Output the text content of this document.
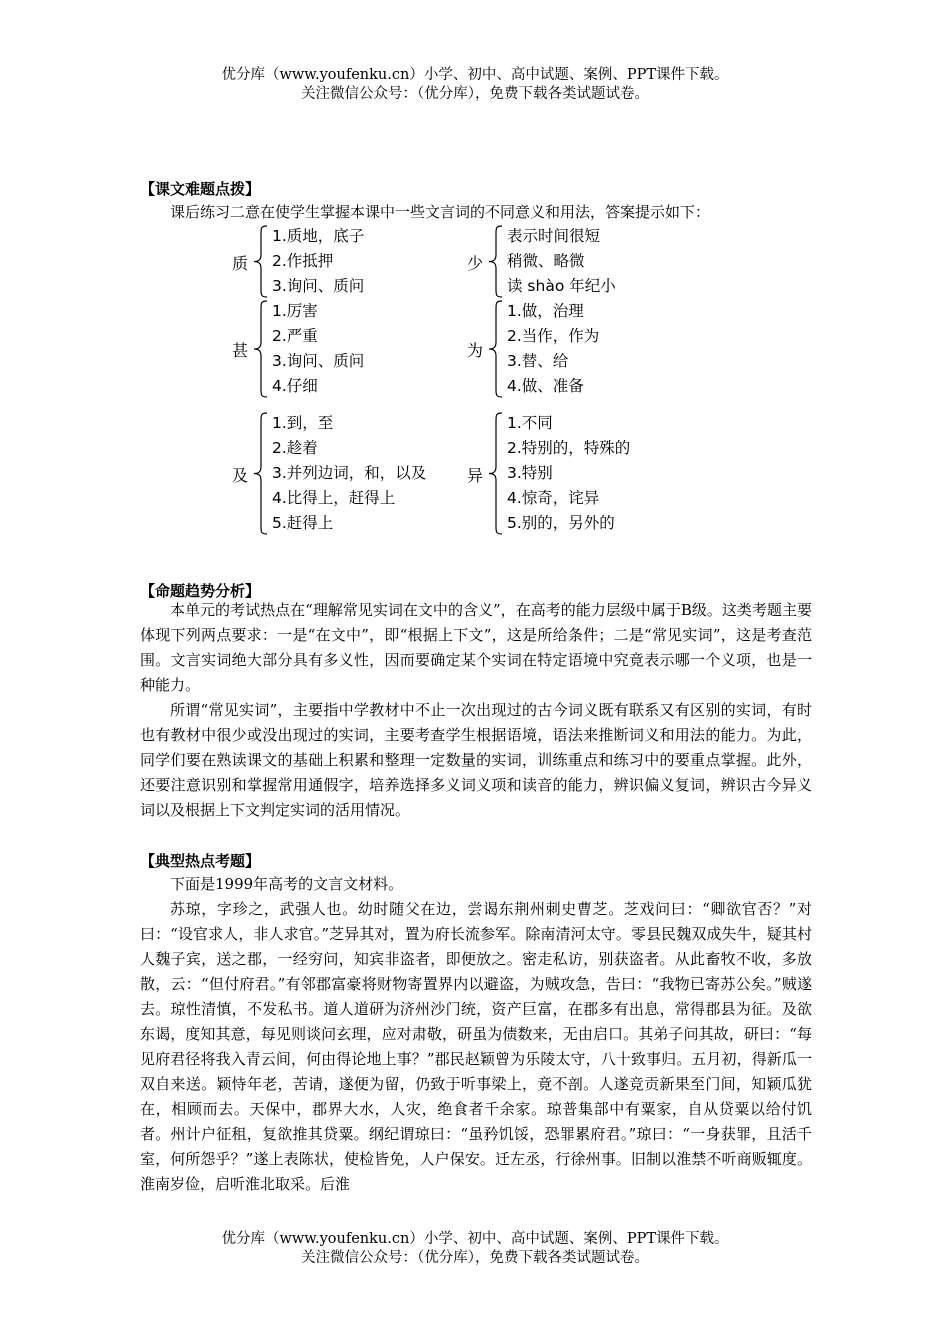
优分库（www.youfenku.cn）小学、初中、高中试题、案例、PPT课件下载。
关注微信公众号：（优分库），免费下载各类试题试卷。
【课文难题点拨】

课后练习二意在使学生掌握本课中一些文言词的不同意义和用法，答案提示如下：

质
1.质地，底子
2.作抵押
3.询问、质问
少
表示时间很短
稍微、略微
读 shào 年纪小
甚
1.厉害
2.严重
3.询问、质问
4.仔细
为
1.做，治理
2.当作，作为
3.替、给
4.做、准备
及
1.到，至
2.趁着
3.并列边词，和，以及
4.比得上，赶得上
5.赶得上
异
1.不同
2.特别的，特殊的
3.特别
4.惊奇，诧异
5.别的，另外的
【命题趋势分析】

本单元的考试热点在“理解常见实词在文中的含义”，在高考的能力层级中属于B级。这类考题主要体现下列两点要求：一是“在文中”，即“根据上下文”，这是所给条件；二是“常见实词”，这是考查范围。文言实词绝大部分具有多义性，因而要确定某个实词在特定语境中究竟表示哪一个义项，也是一种能力。

所谓“常见实词”，主要指中学教材中不止一次出现过的古今词义既有联系又有区别的实词，有时也有教材中很少或没出现过的实词，主要考查学生根据语境，语法来推断词义和用法的能力。为此，同学们要在熟读课文的基础上积累和整理一定数量的实词，训练重点和练习中的要重点掌握。此外，还要注意识别和掌握常用通假字，培养选择多义词义项和读音的能力，辨识偏义复词，辨识古今异义词以及根据上下文判定实词的活用情况。

【典型热点考题】

下面是1999年高考的文言文材料。

苏琼，字珍之，武强人也。幼时随父在边，尝谒东荆州刺史曹芝。芝戏问曰：“卿欲官否？”对曰：“设官求人，非人求官。”芝异其对，置为府长流参军。除南清河太守。零县民魏双成失牛，疑其村人魏子宾，送之郡，一经穷问，知宾非盗者，即便放之。密走私访，别获盗者。从此畜牧不收，多放散，云：“但付府君。”有邻郡富豪将财物寄置界内以避盗，为贼攻急，告曰：“我物已寄苏公矣。”贼遂去。琼性清慎，不发私书。道人道研为济州沙门统，资产巨富，在郡多有出息，常得郡县为征。及欲东谒，度知其意，每见则谈问玄理，应对肃敬，研虽为债数来，无由启口。其弟子问其故，研曰：“每见府君径将我入青云间，何由得论地上事？”郡民赵颖曾为乐陵太守，八十致事归。五月初，得新瓜一双自来送。颖恃年老，苦请，遂便为留，仍致于听事梁上，竟不剖。人遂竞贡新果至门间，知颖瓜犹在，相顾而去。天保中，郡界大水，人灾，绝食者千余家。琼普集部中有粟家，自从贷粟以给付饥者。州计户征租，复欲推其贷粟。纲纪谓琼曰：“虽矜饥馁，恐罪累府君。”琼曰：“一身获罪，且活千室，何所怨乎？”遂上表陈状，使检皆免，人户保安。迁左丞，行徐州事。旧制以淮禁不听商贩辄度。淮南岁俭，启听淮北取采。后淮

优分库（www.youfenku.cn）小学、初中、高中试题、案例、PPT课件下载。
关注微信公众号：（优分库），免费下载各类试题试卷。
